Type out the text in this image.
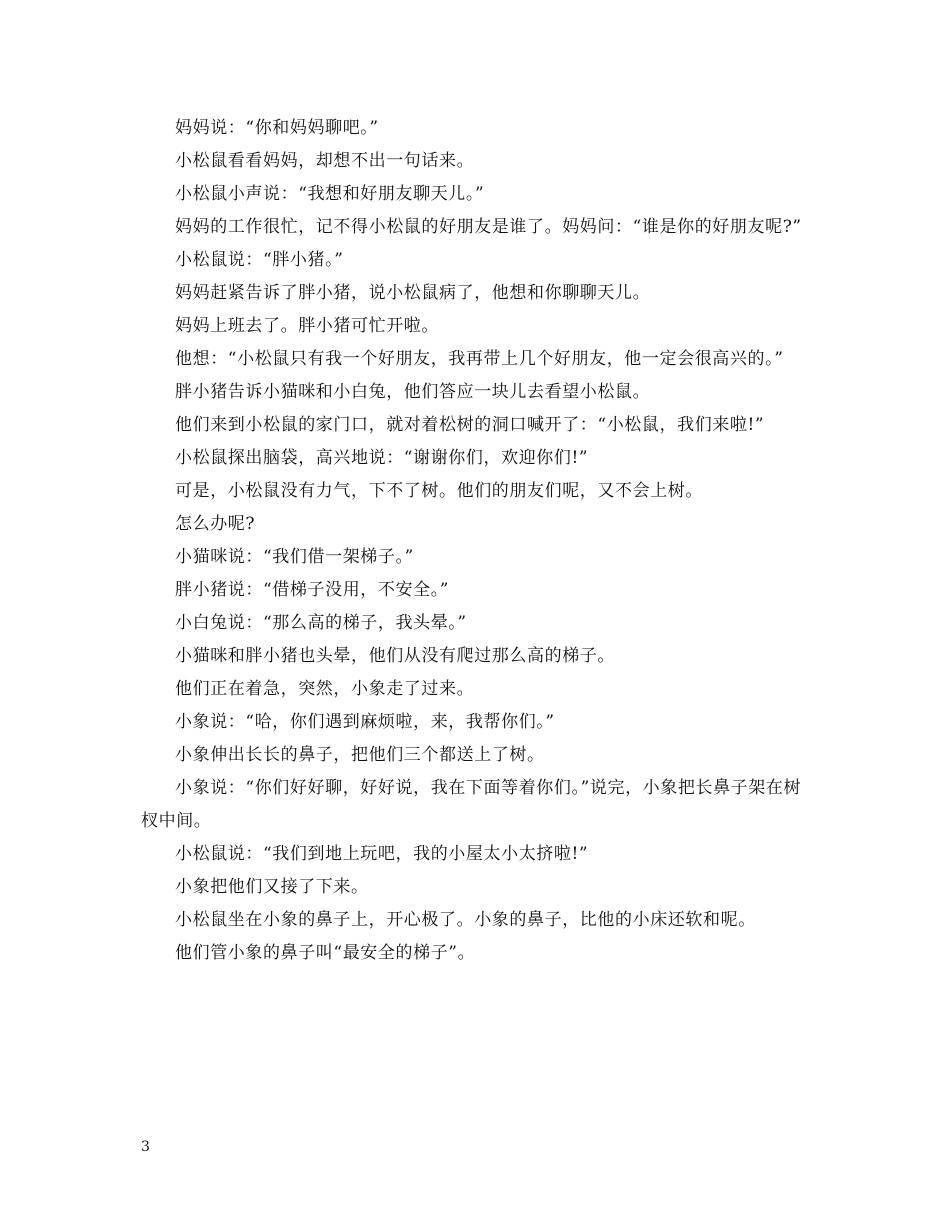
妈妈说：“你和妈妈聊吧。”

小松鼠看看妈妈，却想不出一句话来。

小松鼠小声说：“我想和好朋友聊天儿。”

妈妈的工作很忙，记不得小松鼠的好朋友是谁了。妈妈问：“谁是你的好朋友呢?”

小松鼠说：“胖小猪。”

妈妈赶紧告诉了胖小猪，说小松鼠病了，他想和你聊聊天儿。

妈妈上班去了。胖小猪可忙开啦。

他想：“小松鼠只有我一个好朋友，我再带上几个好朋友，他一定会很高兴的。”

胖小猪告诉小猫咪和小白兔，他们答应一块儿去看望小松鼠。

他们来到小松鼠的家门口，就对着松树的洞口喊开了：“小松鼠，我们来啦!”

小松鼠探出脑袋，高兴地说：“谢谢你们，欢迎你们!”

可是，小松鼠没有力气，下不了树。他们的朋友们呢，又不会上树。

怎么办呢?

小猫咪说：“我们借一架梯子。”

胖小猪说：“借梯子没用，不安全。”

小白兔说：“那么高的梯子，我头晕。”

小猫咪和胖小猪也头晕，他们从没有爬过那么高的梯子。

他们正在着急，突然，小象走了过来。

小象说：“哈，你们遇到麻烦啦，来，我帮你们。”

小象伸出长长的鼻子，把他们三个都送上了树。

小象说：“你们好好聊，好好说，我在下面等着你们。”说完，小象把长鼻子架在树杈中间。

小松鼠说：“我们到地上玩吧，我的小屋太小太挤啦!”

小象把他们又接了下来。

小松鼠坐在小象的鼻子上，开心极了。小象的鼻子，比他的小床还软和呢。

他们管小象的鼻子叫“最安全的梯子”。

3
